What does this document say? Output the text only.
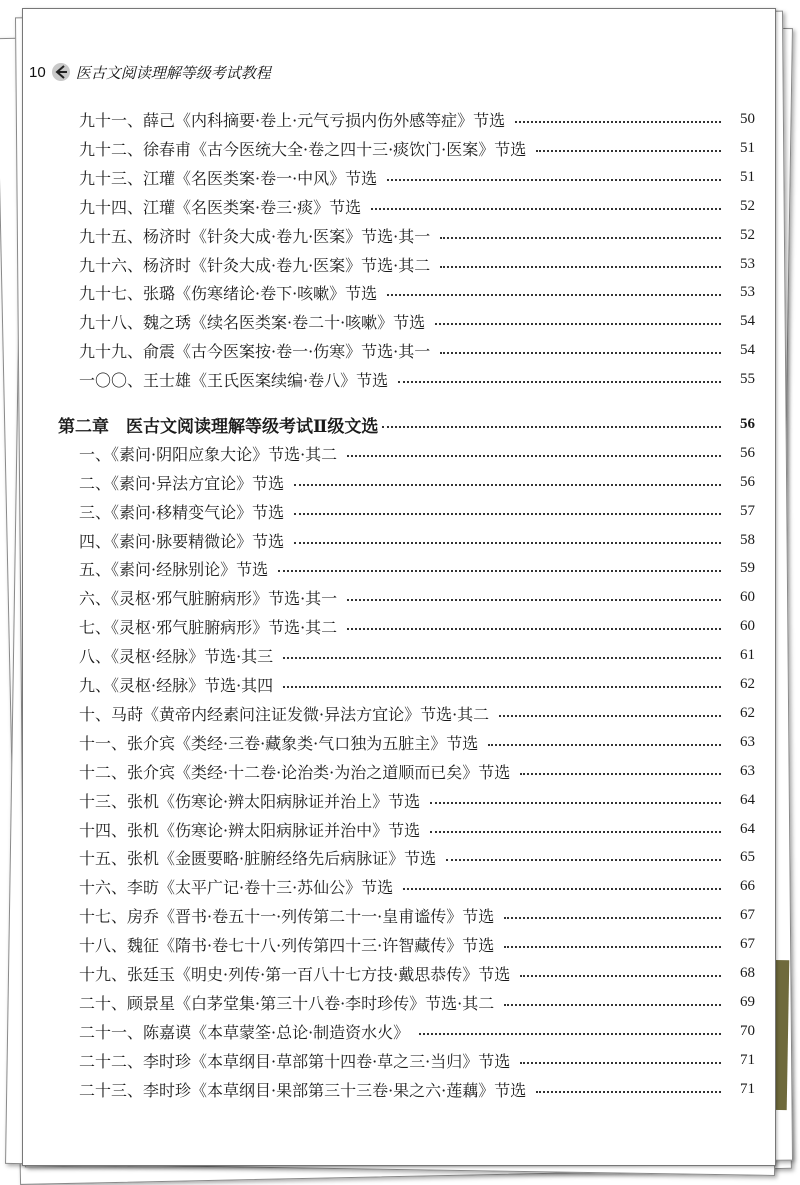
10 医古文阅读理解等级考试教程
九十一、薛己《内科摘要·卷上·元气亏损内伤外感等症》节选	50
九十二、徐春甫《古今医统大全·卷之四十三·痰饮门·医案》节选	51
九十三、江瓘《名医类案·卷一·中风》节选	51
九十四、江瓘《名医类案·卷三·痰》节选	52
九十五、杨济时《针灸大成·卷九·医案》节选·其一	52
九十六、杨济时《针灸大成·卷九·医案》节选·其二	53
九十七、张璐《伤寒绪论·卷下·咳嗽》节选	53
九十八、魏之琇《续名医类案·卷二十·咳嗽》节选	54
九十九、俞震《古今医案按·卷一·伤寒》节选·其一	54
一〇〇、王士雄《王氏医案续编·卷八》节选	55
第二章　医古文阅读理解等级考试Ⅱ级文选	56
一、《素问·阴阳应象大论》节选·其二	56
二、《素问·异法方宜论》节选	56
三、《素问·移精变气论》节选	57
四、《素问·脉要精微论》节选	58
五、《素问·经脉别论》节选	59
六、《灵枢·邪气脏腑病形》节选·其一	60
七、《灵枢·邪气脏腑病形》节选·其二	60
八、《灵枢·经脉》节选·其三	61
九、《灵枢·经脉》节选·其四	62
十、马莳《黄帝内经素问注证发微·异法方宜论》节选·其二	62
十一、张介宾《类经·三卷·藏象类·气口独为五脏主》节选	63
十二、张介宾《类经·十二卷·论治类·为治之道顺而已矣》节选	63
十三、张机《伤寒论·辨太阳病脉证并治上》节选	64
十四、张机《伤寒论·辨太阳病脉证并治中》节选	64
十五、张机《金匮要略·脏腑经络先后病脉证》节选	65
十六、李昉《太平广记·卷十三·苏仙公》节选	66
十七、房乔《晋书·卷五十一·列传第二十一·皇甫谧传》节选	67
十八、魏征《隋书·卷七十八·列传第四十三·许智藏传》节选	67
十九、张廷玉《明史·列传·第一百八十七方技·戴思恭传》节选	68
二十、顾景星《白茅堂集·第三十八卷·李时珍传》节选·其二	69
二十一、陈嘉谟《本草蒙筌·总论·制造资水火》	70
二十二、李时珍《本草纲目·草部第十四卷·草之三·当归》节选	71
二十三、李时珍《本草纲目·果部第三十三卷·果之六·莲藕》节选	71
